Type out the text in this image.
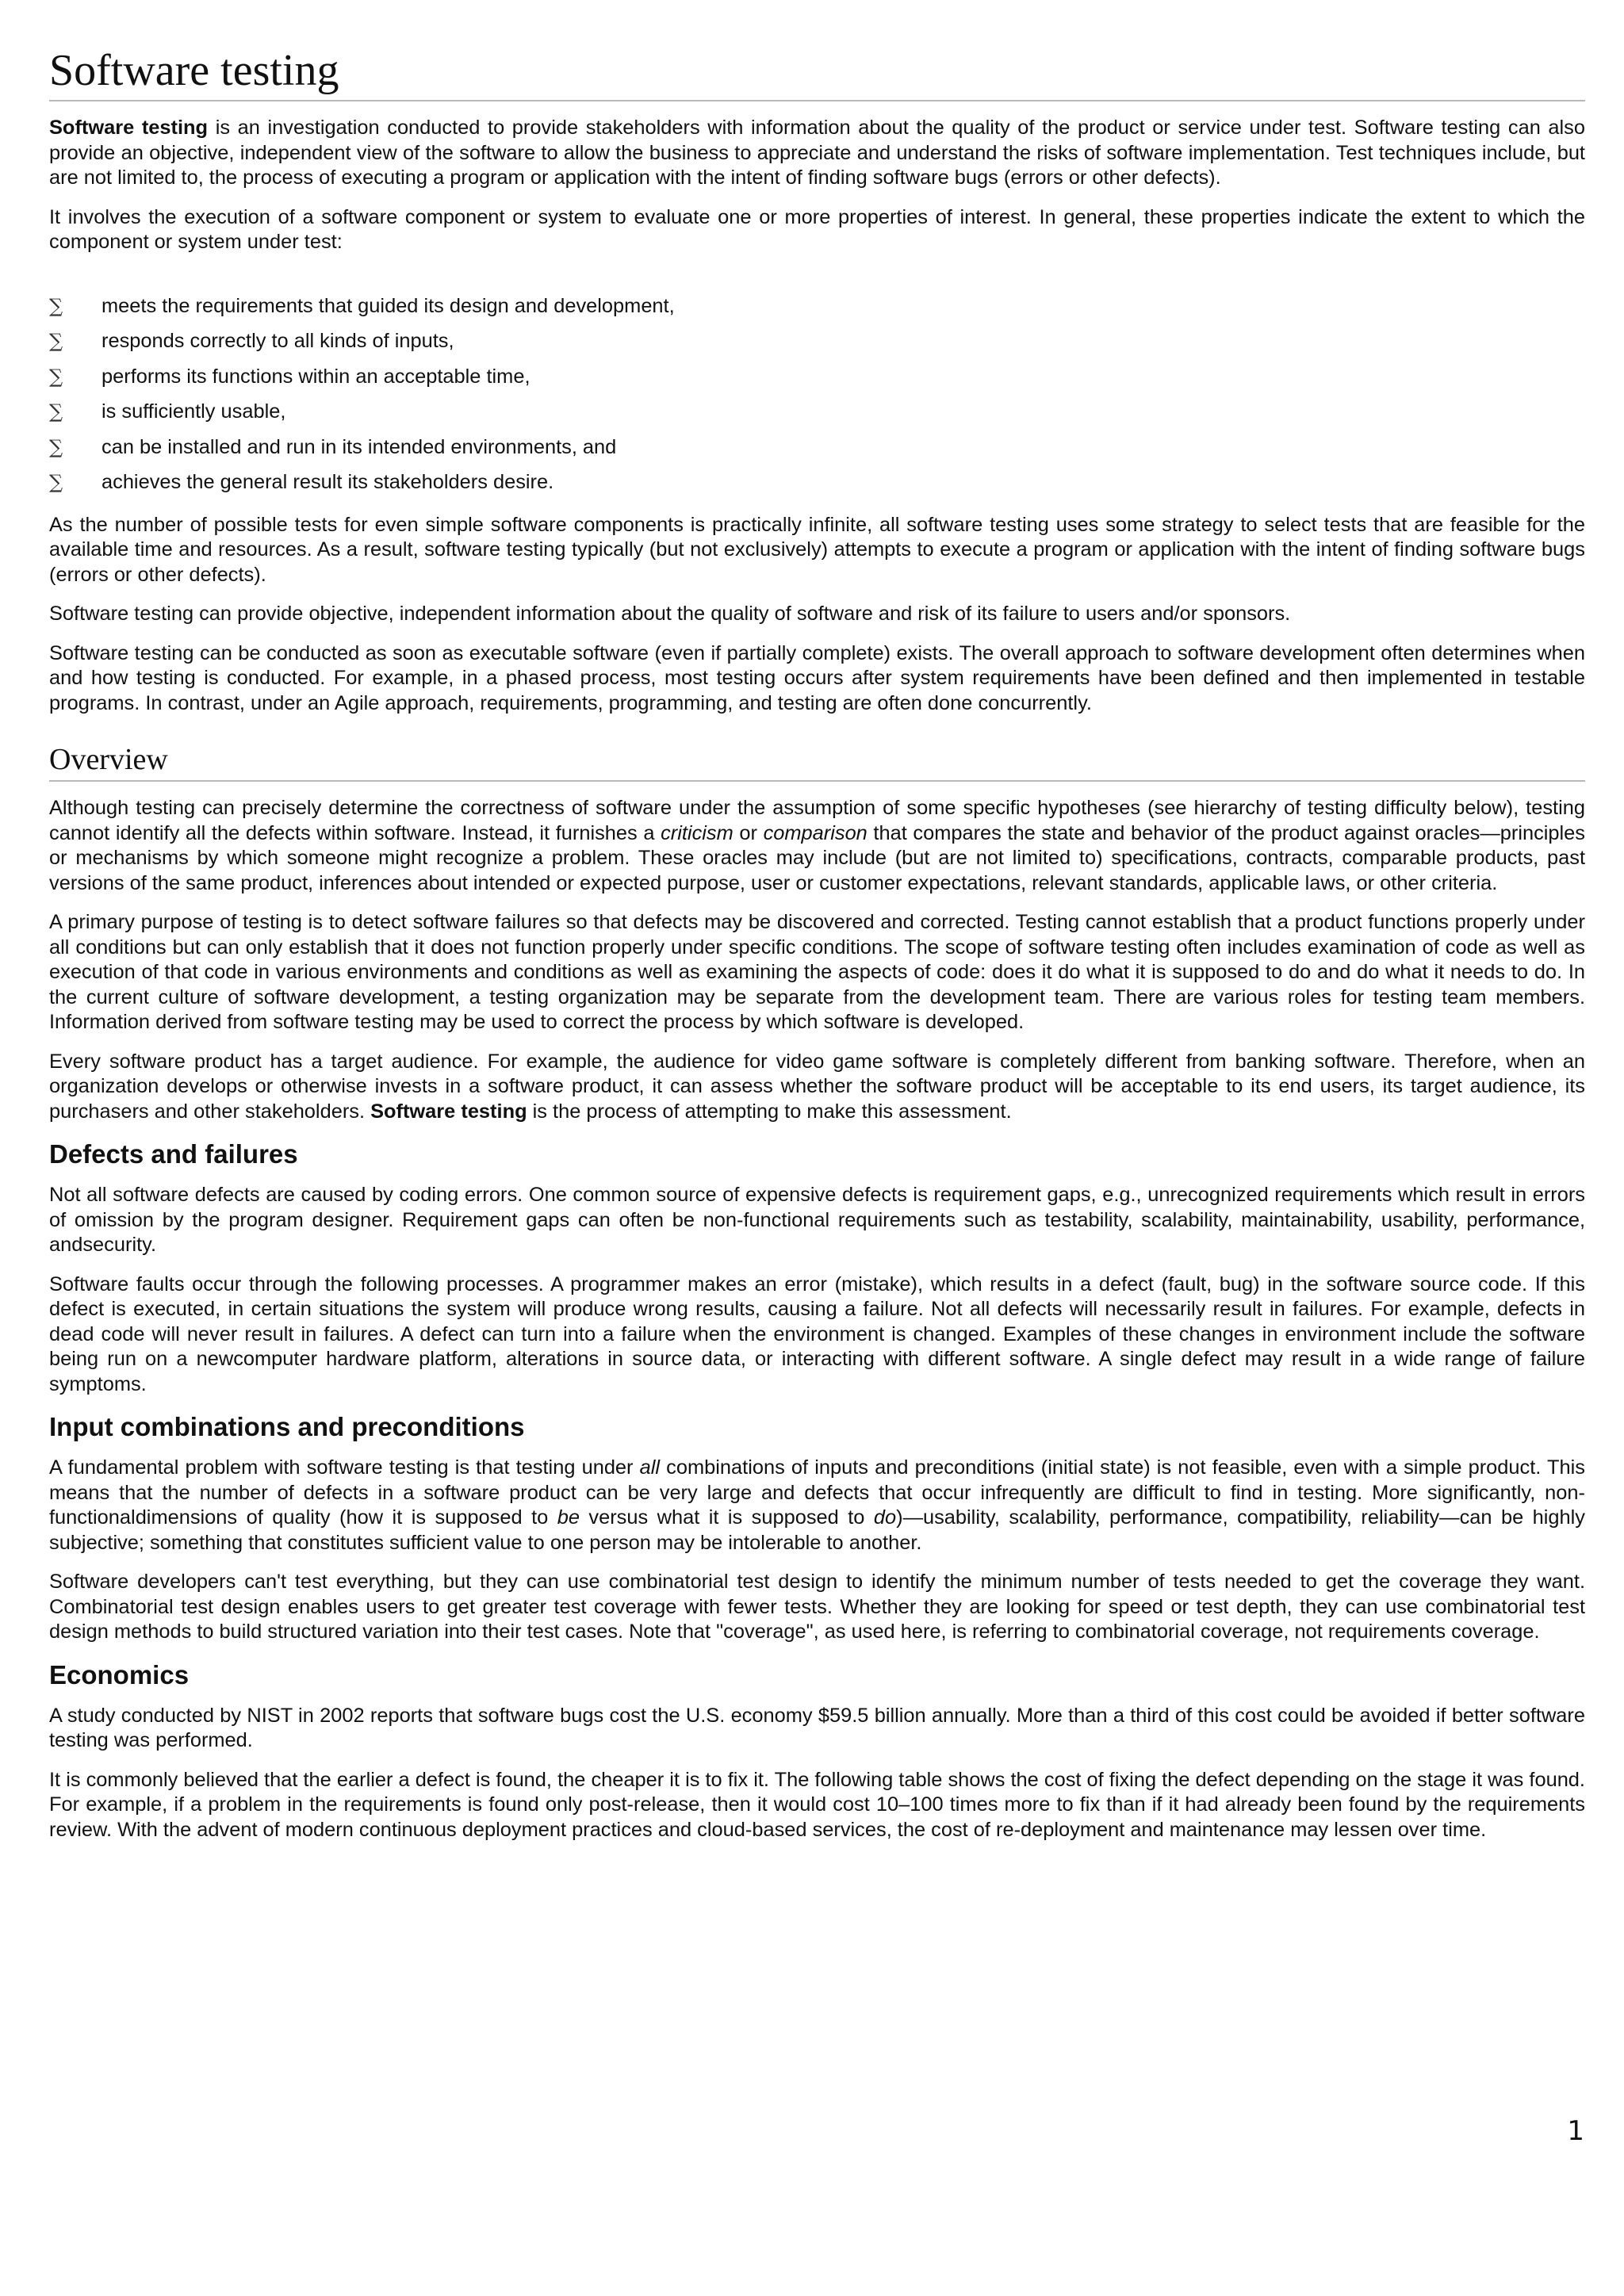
Software testing

Software testing is an investigation conducted to provide stakeholders with information about the quality of the product or service under test. Software testing can also provide an objective, independent view of the software to allow the business to appreciate and understand the risks of software implementation. Test techniques include, but are not limited to, the process of executing a program or application with the intent of finding software bugs (errors or other defects).

It involves the execution of a software component or system to evaluate one or more properties of interest. In general, these properties indicate the extent to which the component or system under test:

∑	meets the requirements that guided its design and development,
∑	responds correctly to all kinds of inputs,
∑	performs its functions within an acceptable time,
∑	is sufficiently usable,
∑	can be installed and run in its intended environments, and
∑	achieves the general result its stakeholders desire.

As the number of possible tests for even simple software components is practically infinite, all software testing uses some strategy to select tests that are feasible for the available time and resources. As a result, software testing typically (but not exclusively) attempts to execute a program or application with the intent of finding software bugs (errors or other defects).

Software testing can provide objective, independent information about the quality of software and risk of its failure to users and/or sponsors.

Software testing can be conducted as soon as executable software (even if partially complete) exists. The overall approach to software development often determines when and how testing is conducted. For example, in a phased process, most testing occurs after system requirements have been defined and then implemented in testable programs. In contrast, under an Agile approach, requirements, programming, and testing are often done concurrently.

Overview

Although testing can precisely determine the correctness of software under the assumption of some specific hypotheses (see hierarchy of testing difficulty below), testing cannot identify all the defects within software. Instead, it furnishes a criticism or comparison that compares the state and behavior of the product against oracles—principles or mechanisms by which someone might recognize a problem. These oracles may include (but are not limited to) specifications, contracts, comparable products, past versions of the same product, inferences about intended or expected purpose, user or customer expectations, relevant standards, applicable laws, or other criteria.

A primary purpose of testing is to detect software failures so that defects may be discovered and corrected. Testing cannot establish that a product functions properly under all conditions but can only establish that it does not function properly under specific conditions. The scope of software testing often includes examination of code as well as execution of that code in various environments and conditions as well as examining the aspects of code: does it do what it is supposed to do and do what it needs to do. In the current culture of software development, a testing organization may be separate from the development team. There are various roles for testing team members. Information derived from software testing may be used to correct the process by which software is developed.

Every software product has a target audience. For example, the audience for video game software is completely different from banking software. Therefore, when an organization develops or otherwise invests in a software product, it can assess whether the software product will be acceptable to its end users, its target audience, its purchasers and other stakeholders. Software testing is the process of attempting to make this assessment.

Defects and failures

Not all software defects are caused by coding errors. One common source of expensive defects is requirement gaps, e.g., unrecognized requirements which result in errors of omission by the program designer. Requirement gaps can often be non-functional requirements such as testability, scalability, maintainability, usability, performance, andsecurity.

Software faults occur through the following processes. A programmer makes an error (mistake), which results in a defect (fault, bug) in the software source code. If this defect is executed, in certain situations the system will produce wrong results, causing a failure. Not all defects will necessarily result in failures. For example, defects in dead code will never result in failures. A defect can turn into a failure when the environment is changed. Examples of these changes in environment include the software being run on a newcomputer hardware platform, alterations in source data, or interacting with different software. A single defect may result in a wide range of failure symptoms.

Input combinations and preconditions

A fundamental problem with software testing is that testing under all combinations of inputs and preconditions (initial state) is not feasible, even with a simple product. This means that the number of defects in a software product can be very large and defects that occur infrequently are difficult to find in testing. More significantly, non-functionaldimensions of quality (how it is supposed to be versus what it is supposed to do)—usability, scalability, performance, compatibility, reliability—can be highly subjective; something that constitutes sufficient value to one person may be intolerable to another.

Software developers can't test everything, but they can use combinatorial test design to identify the minimum number of tests needed to get the coverage they want. Combinatorial test design enables users to get greater test coverage with fewer tests. Whether they are looking for speed or test depth, they can use combinatorial test design methods to build structured variation into their test cases. Note that "coverage", as used here, is referring to combinatorial coverage, not requirements coverage.

Economics

A study conducted by NIST in 2002 reports that software bugs cost the U.S. economy $59.5 billion annually. More than a third of this cost could be avoided if better software testing was performed.

It is commonly believed that the earlier a defect is found, the cheaper it is to fix it. The following table shows the cost of fixing the defect depending on the stage it was found. For example, if a problem in the requirements is found only post-release, then it would cost 10–100 times more to fix than if it had already been found by the requirements review. With the advent of modern continuous deployment practices and cloud-based services, the cost of re-deployment and maintenance may lessen over time.

1
